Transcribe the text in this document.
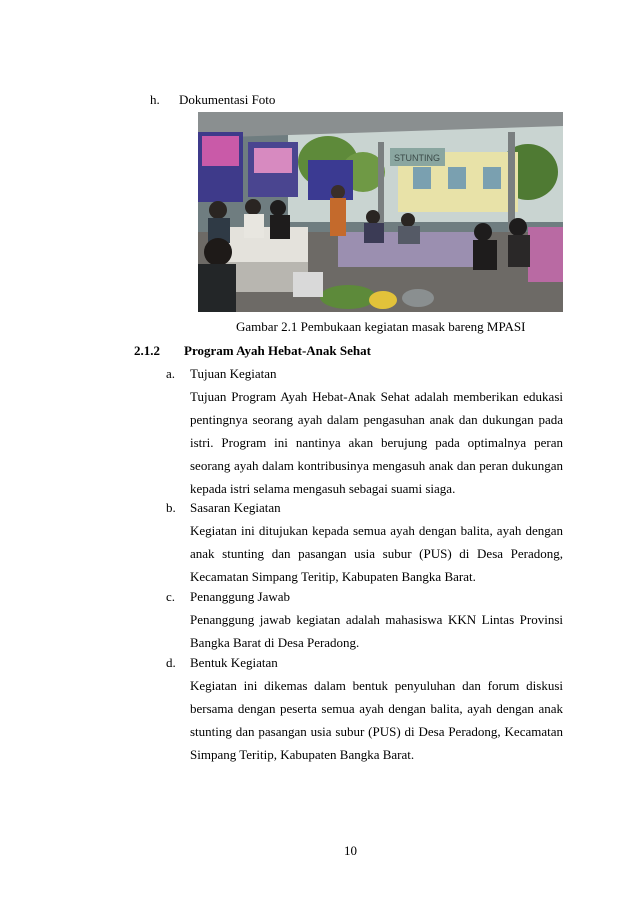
h. Dokumentasi Foto
STUNTING
Gambar 2.1 Pembukaan kegiatan masak bareng MPASI
2.1.2 Program Ayah Hebat-Anak Sehat
a. Tujuan Kegiatan
Tujuan Program Ayah Hebat-Anak Sehat adalah memberikan edukasi
pentingnya seorang ayah dalam pengasuhan anak dan dukungan pada
istri. Program ini nantinya akan berujung pada optimalnya peran
seorang ayah dalam kontribusinya mengasuh anak dan peran dukungan
kepada istri selama mengasuh sebagai suami siaga.
b. Sasaran Kegiatan
Kegiatan ini ditujukan kepada semua ayah dengan balita, ayah dengan
anak stunting dan pasangan usia subur (PUS) di Desa Peradong,
Kecamatan Simpang Teritip, Kabupaten Bangka Barat.
c. Penanggung Jawab
Penanggung jawab kegiatan adalah mahasiswa KKN Lintas Provinsi
Bangka Barat di Desa Peradong.
d. Bentuk Kegiatan
Kegiatan ini dikemas dalam bentuk penyuluhan dan forum diskusi
bersama dengan peserta semua ayah dengan balita, ayah dengan anak
stunting dan pasangan usia subur (PUS) di Desa Peradong, Kecamatan
Simpang Teritip, Kabupaten Bangka Barat.
10
